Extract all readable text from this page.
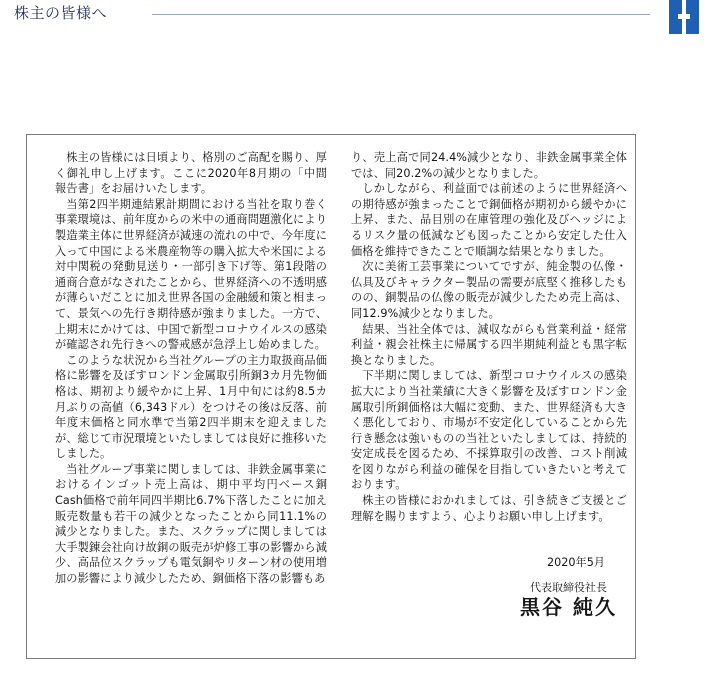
株主の皆様へ

株主の皆様には日頃より、格別のご高配を賜り、厚く御礼申し上げます。ここに2020年8月期の「中間報告書」をお届けいたします。

当第2四半期連結累計期間における当社を取り巻く事業環境は、前年度からの米中の通商問題激化により製造業主体に世界経済が減速の流れの中で、今年度に入って中国による米農産物等の購入拡大や米国による対中関税の発動見送り・一部引き下げ等、第1段階の通商合意がなされたことから、世界経済への不透明感が薄らいだことに加え世界各国の金融緩和策と相まって、景気への先行き期待感が強まりました。一方で、上期末にかけては、中国で新型コロナウイルスの感染が確認され先行きへの警戒感が急浮上し始めました。

このような状況から当社グループの主力取扱商品価格に影響を及ぼすロンドン金属取引所銅3カ月先物価格は、期初より緩やかに上昇、1月中旬には約8.5カ月ぶりの高値（6,343ドル）をつけその後は反落、前年度末価格と同水準で当第2四半期末を迎えましたが、総じて市況環境といたしましては良好に推移いたしました。

当社グループ事業に関しましては、非鉄金属事業におけるインゴット売上高は、期中平均円ベース銅Cash価格で前年同四半期比6.7%下落したことに加え販売数量も若干の減少となったことから同11.1%の減少となりました。また、スクラップに関しましては大手製錬会社向け故銅の販売が炉修工事の影響から減少、高品位スクラップも電気銅やリターン材の使用増加の影響により減少したため、銅価格下落の影響もあ

り、売上高で同24.4%減少となり、非鉄金属事業全体では、同20.2%の減少となりました。

しかしながら、利益面では前述のように世界経済への期待感が強まったことで銅価格が期初から緩やかに上昇、また、品目別の在庫管理の強化及びヘッジによるリスク量の低減なども図ったことから安定した仕入価格を維持できたことで順調な結果となりました。

次に美術工芸事業についてですが、純金製の仏像・仏具及びキャラクター製品の需要が底堅く推移したものの、銅製品の仏像の販売が減少したため売上高は、同12.9%減少となりました。

結果、当社全体では、減収ながらも営業利益・経常利益・親会社株主に帰属する四半期純利益とも黒字転換となりました。

下半期に関しましては、新型コロナウイルスの感染拡大により当社業績に大きく影響を及ぼすロンドン金属取引所銅価格は大幅に変動、また、世界経済も大きく悪化しており、市場が不安定化していることから先行き懸念は強いものの当社といたしましては、持続的安定成長を図るため、不採算取引の改善、コスト削減を図りながら利益の確保を目指していきたいと考えております。

株主の皆様におかれましては、引き続きご支援とご理解を賜りますよう、心よりお願い申し上げます。

2020年5月
代表取締役社長
黒谷 純久
